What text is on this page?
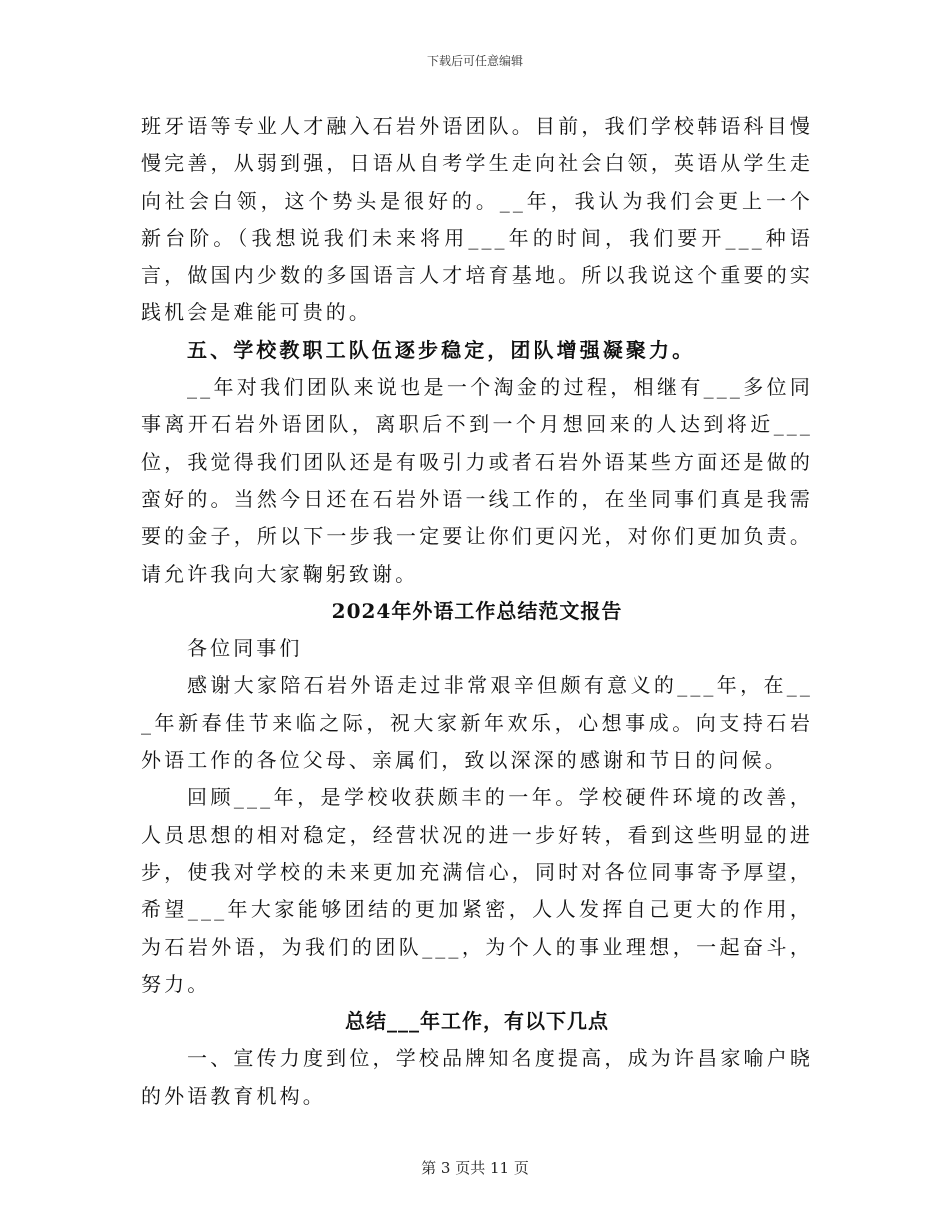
下载后可任意编辑

班牙语等专业人才融入石岩外语团队。目前，我们学校韩语科目慢慢完善，从弱到强，日语从自考学生走向社会白领，英语从学生走向社会白领，这个势头是很好的。__年，我认为我们会更上一个新台阶。（我想说我们未来将用___年的时间，我们要开___种语言，做国内少数的多国语言人才培育基地。所以我说这个重要的实践机会是难能可贵的。

五、学校教职工队伍逐步稳定，团队增强凝聚力。

__年对我们团队来说也是一个淘金的过程，相继有___多位同事离开石岩外语团队，离职后不到一个月想回来的人达到将近___位，我觉得我们团队还是有吸引力或者石岩外语某些方面还是做的蛮好的。当然今日还在石岩外语一线工作的，在坐同事们真是我需要的金子，所以下一步我一定要让你们更闪光，对你们更加负责。请允许我向大家鞠躬致谢。

2024年外语工作总结范文报告

各位同事们

感谢大家陪石岩外语走过非常艰辛但颇有意义的___年，在___年新春佳节来临之际，祝大家新年欢乐，心想事成。向支持石岩外语工作的各位父母、亲属们，致以深深的感谢和节日的问候。

回顾___年，是学校收获颇丰的一年。学校硬件环境的改善，人员思想的相对稳定，经营状况的进一步好转，看到这些明显的进步，使我对学校的未来更加充满信心，同时对各位同事寄予厚望，希望___年大家能够团结的更加紧密，人人发挥自己更大的作用，为石岩外语，为我们的团队___，为个人的事业理想，一起奋斗，努力。

总结___年工作，有以下几点

一、宣传力度到位，学校品牌知名度提高，成为许昌家喻户晓的外语教育机构。

第 3 页共 11 页
